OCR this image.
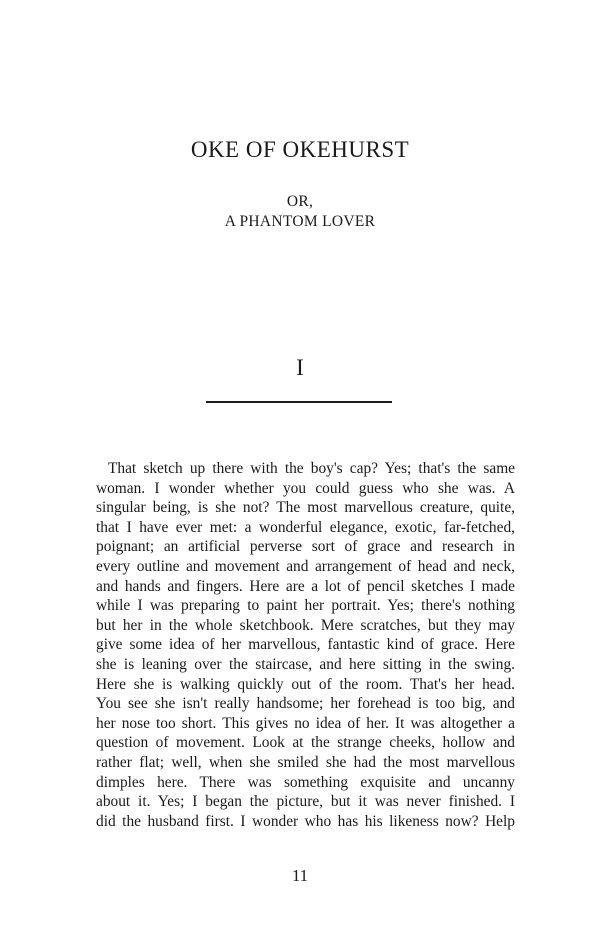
OKE OF OKEHURST
OR,
A PHANTOM LOVER
I
That sketch up there with the boy's cap? Yes; that's the same
woman. I wonder whether you could guess who she was. A
singular being, is she not? The most marvellous creature, quite,
that I have ever met: a wonderful elegance, exotic, far-fetched,
poignant; an artificial perverse sort of grace and research in
every outline and movement and arrangement of head and neck,
and hands and fingers. Here are a lot of pencil sketches I made
while I was preparing to paint her portrait. Yes; there's nothing
but her in the whole sketchbook. Mere scratches, but they may
give some idea of her marvellous, fantastic kind of grace. Here
she is leaning over the staircase, and here sitting in the swing.
Here she is walking quickly out of the room. That's her head.
You see she isn't really handsome; her forehead is too big, and
her nose too short. This gives no idea of her. It was altogether a
question of movement. Look at the strange cheeks, hollow and
rather flat; well, when she smiled she had the most marvellous
dimples here. There was something exquisite and uncanny
about it. Yes; I began the picture, but it was never finished. I
did the husband first. I wonder who has his likeness now? Help
11
